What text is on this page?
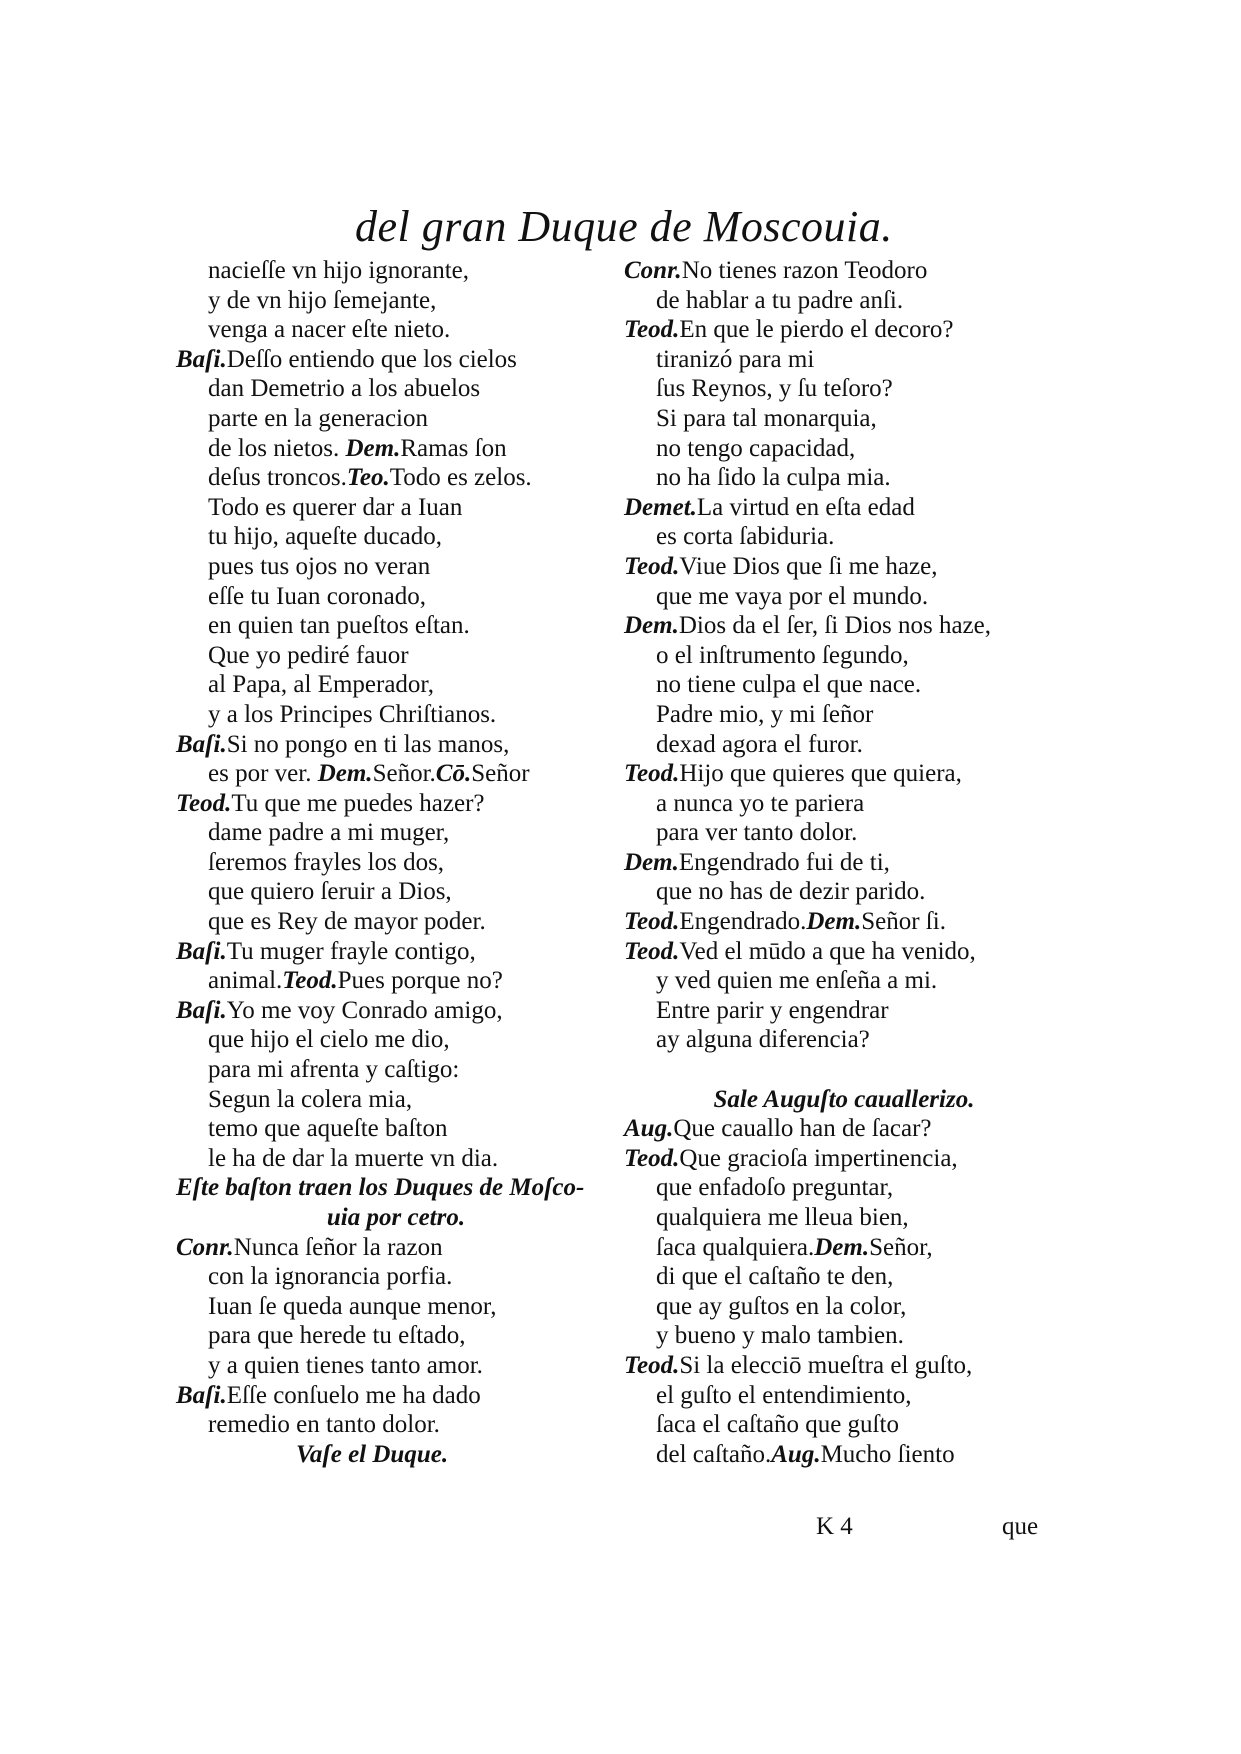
del gran Duque de Moscouia.
nacieſſe vn hijo ignorante,
y de vn hijo ſemejante,
venga a nacer eſte nieto.
Baſi.Deſſo entiendo que los cielos
dan Demetrio a los abuelos
parte en la generacion
de los nietos. Dem.Ramas ſon
deſus troncos.Teo.Todo es zelos.
Todo es querer dar a Iuan
tu hijo, aqueſte ducado,
pues tus ojos no veran
eſſe tu Iuan coronado,
en quien tan pueſtos eſtan.
Que yo pediré fauor
al Papa, al Emperador,
y a los Principes Chriſtianos.
Baſi.Si no pongo en ti las manos,
es por ver. Dem.Señor.Cō.Señor
Teod.Tu que me puedes hazer?
dame padre a mi muger,
ſeremos frayles los dos,
que quiero ſeruir a Dios,
que es Rey de mayor poder.
Baſi.Tu muger frayle contigo,
animal.Teod.Pues porque no?
Baſi.Yo me voy Conrado amigo,
que hijo el cielo me dio,
para mi afrenta y caſtigo:
Segun la colera mia,
temo que aqueſte baſton
le ha de dar la muerte vn dia.
Eſte baſton traen los Duques de Moſco-
uia por cetro.
Conr.Nunca ſeñor la razon
con la ignorancia porfia.
Iuan ſe queda aunque menor,
para que herede tu eſtado,
y a quien tienes tanto amor.
Baſi.Eſſe conſuelo me ha dado
remedio en tanto dolor.
Vaſe el Duque.
Conr.No tienes razon Teodoro
de hablar a tu padre anſi.
Teod.En que le pierdo el decoro?
tiranizó para mi
ſus Reynos, y ſu teſoro?
Si para tal monarquia,
no tengo capacidad,
no ha ſido la culpa mia.
Demet.La virtud en eſta edad
es corta ſabiduria.
Teod.Viue Dios que ſi me haze,
que me vaya por el mundo.
Dem.Dios da el ſer, ſi Dios nos haze,
o el inſtrumento ſegundo,
no tiene culpa el que nace.
Padre mio, y mi ſeñor
dexad agora el furor.
Teod.Hijo que quieres que quiera,
a nunca yo te pariera
para ver tanto dolor.
Dem.Engendrado fui de ti,
que no has de dezir parido.
Teod.Engendrado.Dem.Señor ſi.
Teod.Ved el mūdo a que ha venido,
y ved quien me enſeña a mi.
Entre parir y engendrar
ay alguna diferencia?
Sale Auguſto cauallerizo.
Aug.Que cauallo han de ſacar?
Teod.Que gracioſa impertinencia,
que enfadoſo preguntar,
qualquiera me lleua bien,
ſaca qualquiera.Dem.Señor,
di que el caſtaño te den,
que ay guſtos en la color,
y bueno y malo tambien.
Teod.Si la elecciō mueſtra el guſto,
el guſto el entendimiento,
ſaca el caſtaño que guſto
del caſtaño.Aug.Mucho ſiento
K 4	que
